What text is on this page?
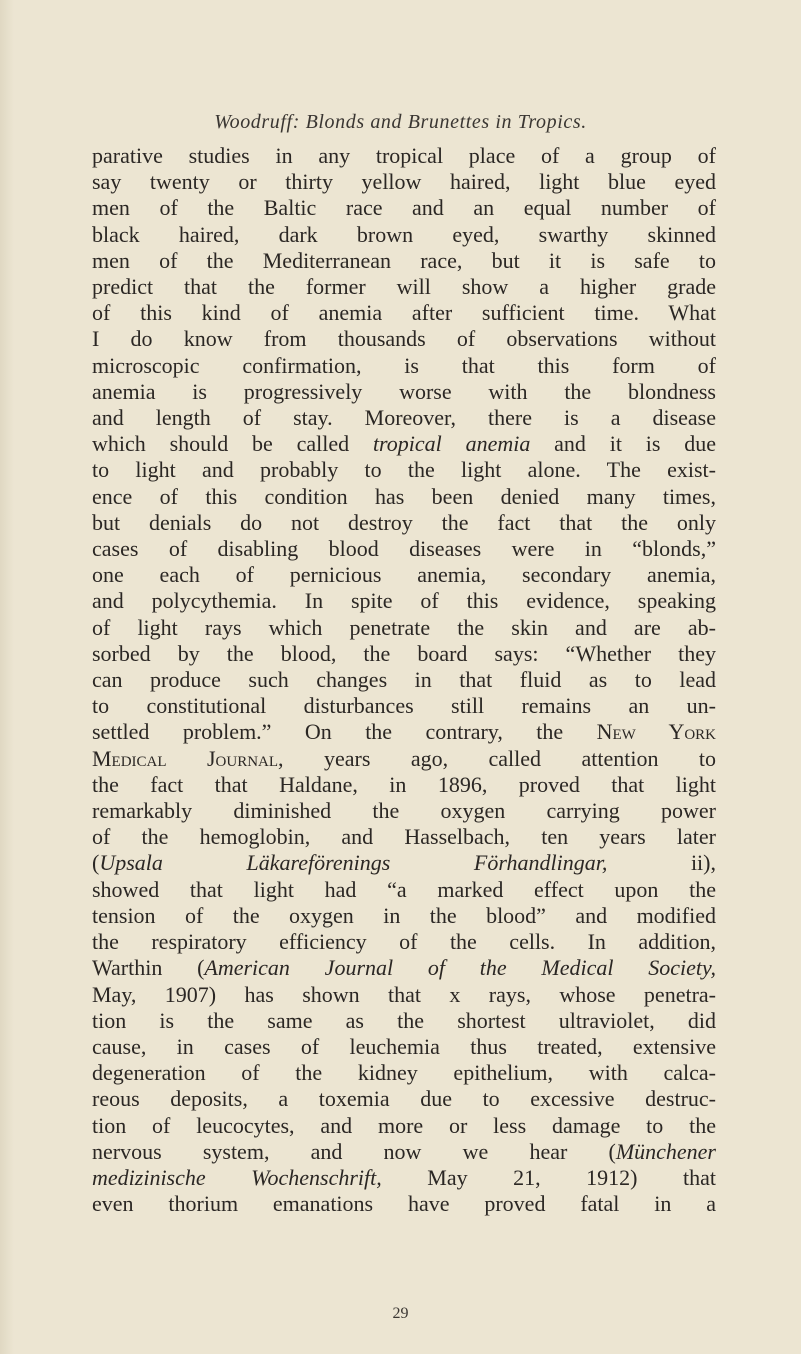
Woodruff: Blonds and Brunettes in Tropics.
parative studies in any tropical place of a group of
say twenty or thirty yellow haired, light blue eyed
men of the Baltic race and an equal number of
black haired, dark brown eyed, swarthy skinned
men of the Mediterranean race, but it is safe to
predict that the former will show a higher grade
of this kind of anemia after sufficient time. What
I do know from thousands of observations without
microscopic confirmation, is that this form of
anemia is progressively worse with the blondness
and length of stay. Moreover, there is a disease
which should be called tropical anemia and it is due
to light and probably to the light alone. The exist-
ence of this condition has been denied many times,
but denials do not destroy the fact that the only
cases of disabling blood diseases were in “blonds,”
one each of pernicious anemia, secondary anemia,
and polycythemia. In spite of this evidence, speaking
of light rays which penetrate the skin and are ab-
sorbed by the blood, the board says: “Whether they
can produce such changes in that fluid as to lead
to constitutional disturbances still remains an un-
settled problem.” On the contrary, the New York
Medical Journal, years ago, called attention to
the fact that Haldane, in 1896, proved that light
remarkably diminished the oxygen carrying power
of the hemoglobin, and Hasselbach, ten years later
(Upsala Läkareförenings Förhandlingar, ii),
showed that light had “a marked effect upon the
tension of the oxygen in the blood” and modified
the respiratory efficiency of the cells. In addition,
Warthin (American Journal of the Medical Society,
May, 1907) has shown that x rays, whose penetra-
tion is the same as the shortest ultraviolet, did
cause, in cases of leuchemia thus treated, extensive
degeneration of the kidney epithelium, with calca-
reous deposits, a toxemia due to excessive destruc-
tion of leucocytes, and more or less damage to the
nervous system, and now we hear (Münchener
medizinische Wochenschrift, May 21, 1912) that
even thorium emanations have proved fatal in a
29
